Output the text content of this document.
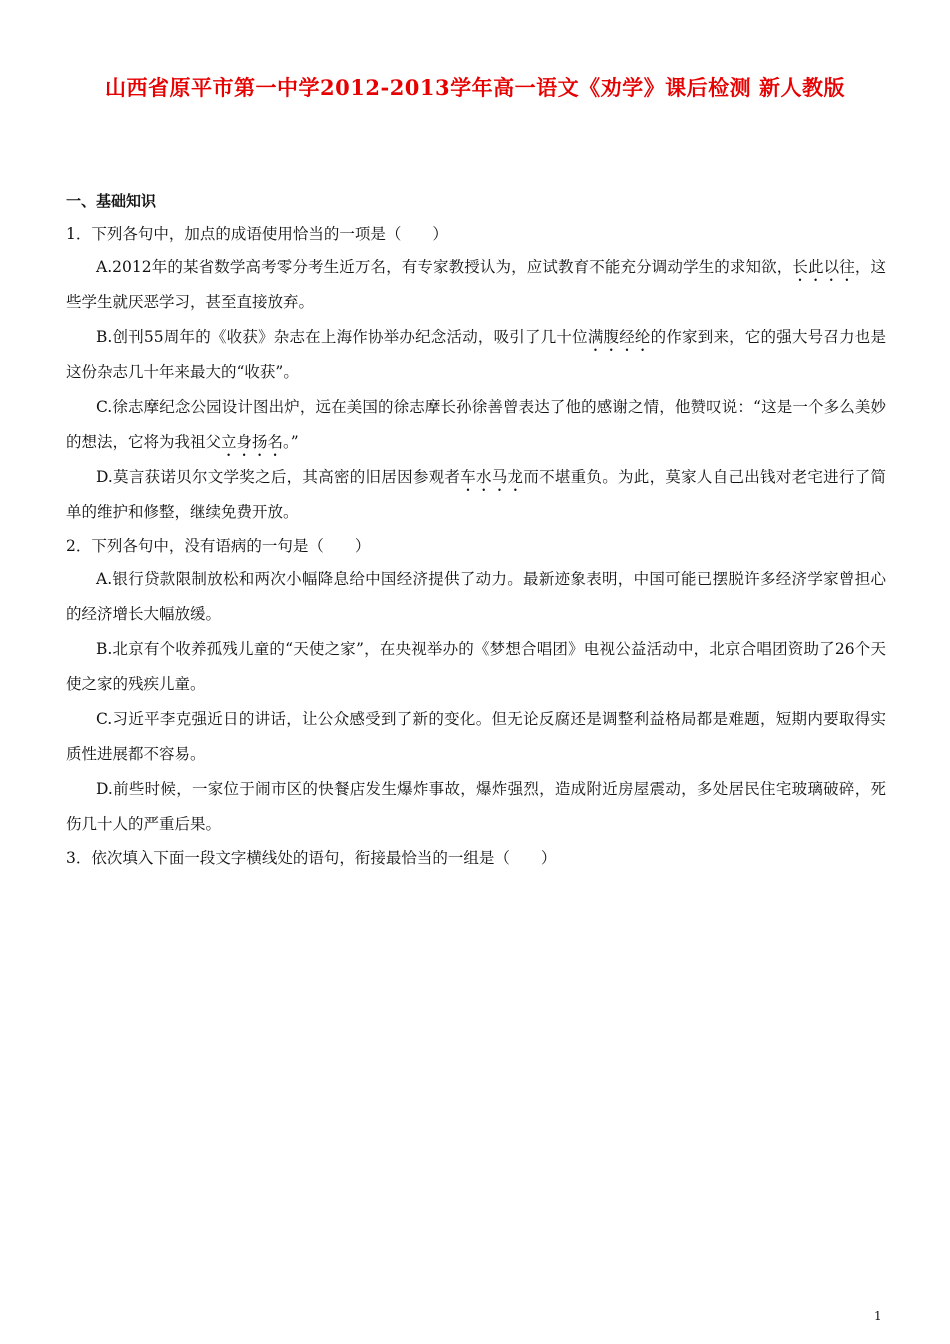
山西省原平市第一中学2012-2013学年高一语文《劝学》课后检测 新人教版
一、基础知识
1．下列各句中，加点的成语使用恰当的一项是（　　）
A.2012年的某省数学高考零分考生近万名，有专家教授认为，应试教育不能充分调动学生的求知欲，长此以往，这些学生就厌恶学习，甚至直接放弃。
B.创刊55周年的《收获》杂志在上海作协举办纪念活动，吸引了几十位满腹经纶的作家到来，它的强大号召力也是这份杂志几十年来最大的“收获”。
C.徐志摩纪念公园设计图出炉，远在美国的徐志摩长孙徐善曾表达了他的感谢之情，他赞叹说：“这是一个多么美妙的想法，它将为我祖父立身扬名。”
D.莫言获诺贝尔文学奖之后，其高密的旧居因参观者车水马龙而不堪重负。为此，莫家人自己出钱对老宅进行了简单的维护和修整，继续免费开放。
2．下列各句中，没有语病的一句是（　　）
A.银行贷款限制放松和两次小幅降息给中国经济提供了动力。最新迹象表明，中国可能已摆脱许多经济学家曾担心的经济增长大幅放缓。
B.北京有个收养孤残儿童的“天使之家”，在央视举办的《梦想合唱团》电视公益活动中，北京合唱团资助了26个天使之家的残疾儿童。
C.习近平李克强近日的讲话，让公众感受到了新的变化。但无论反腐还是调整利益格局都是难题，短期内要取得实质性进展都不容易。
D.前些时候，一家位于闹市区的快餐店发生爆炸事故，爆炸强烈，造成附近房屋震动，多处居民住宅玻璃破碎，死伤几十人的严重后果。
3．依次填入下面一段文字横线处的语句，衔接最恰当的一组是（　　）
1
